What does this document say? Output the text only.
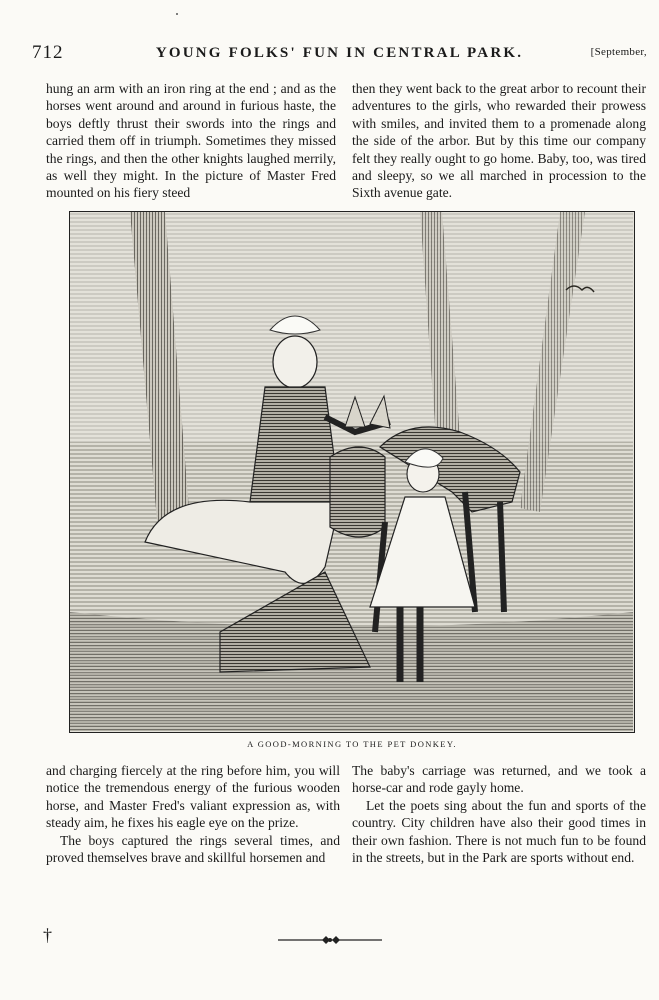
712	YOUNG FOLKS' FUN IN CENTRAL PARK.	[September,

hung an arm with an iron ring at the end ; and as the horses went around and around in furious haste, the boys deftly thrust their swords into the rings and carried them off in triumph. Sometimes they missed the rings, and then the other knights laughed merrily, as well they might. In the picture of Master Fred mounted on his fiery steed

then they went back to the great arbor to recount their adventures to the girls, who rewarded their prowess with smiles, and invited them to a promenade along the side of the arbor. But by this time our company felt they really ought to go home. Baby, too, was tired and sleepy, so we all marched in procession to the Sixth avenue gate.

A GOOD-MORNING TO THE PET DONKEY.

and charging fiercely at the ring before him, you will notice the tremendous energy of the furious wooden horse, and Master Fred's valiant expression as, with steady aim, he fixes his eagle eye on the prize.

The boys captured the rings several times, and proved themselves brave and skillful horsemen and

The baby's carriage was returned, and we took a horse-car and rode gayly home.

Let the poets sing about the fun and sports of the country. City children have also their good times in their own fashion. There is not much fun to be found in the streets, but in the Park are sports without end.

†
